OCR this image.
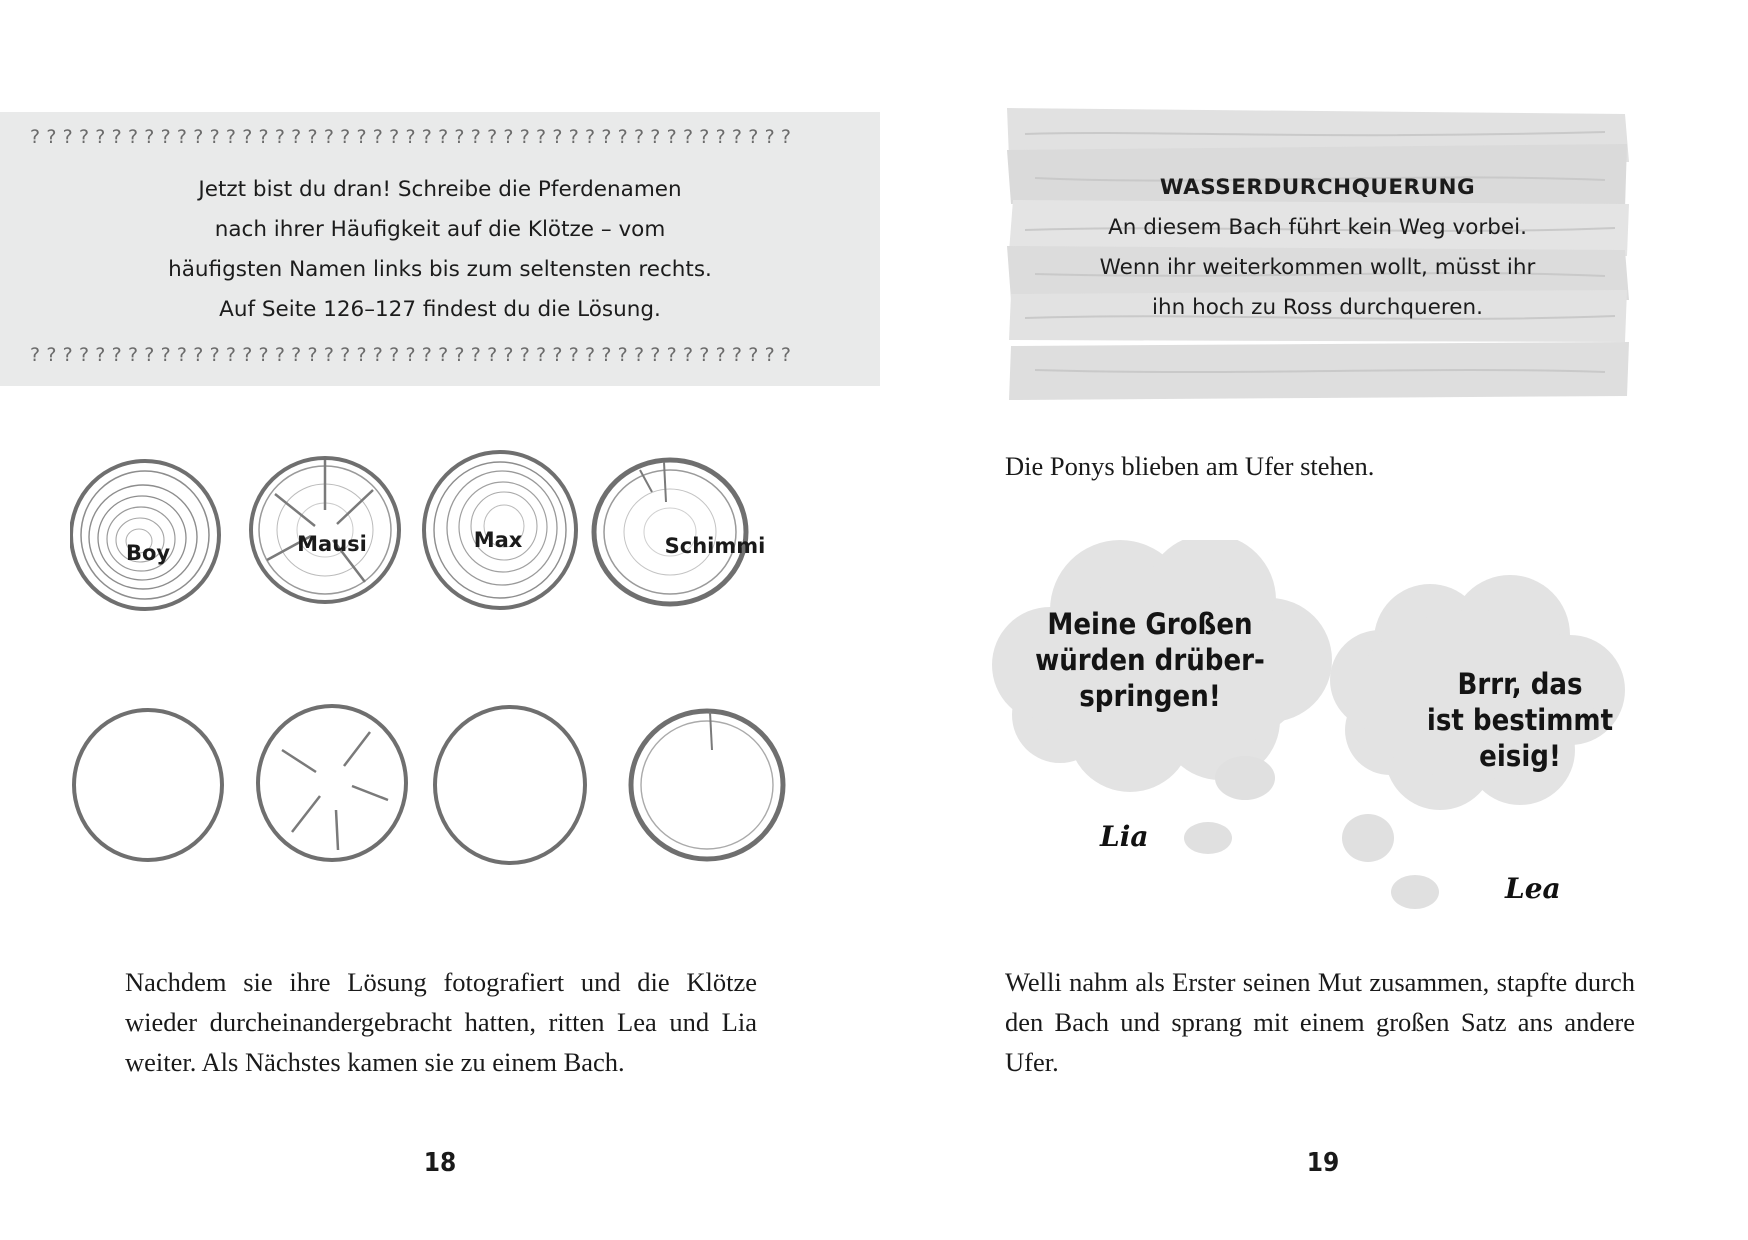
? ? ? ? ? ? ? ? ? ? ? ? ? ? ? ? ? ? ? ? ? ? ? ? ? ? ? ? ? ? ? ? ? ? ? ? ? ? ? ? ? ? ? ? ? ? ?
Jetzt bist du dran! Schreibe die Pferdenamen
nach ihrer Häufigkeit auf die Klötze – vom
häufigsten Namen links bis zum seltensten rechts.
Auf Seite 126–127 findest du die Lösung.
? ? ? ? ? ? ? ? ? ? ? ? ? ? ? ? ? ? ? ? ? ? ? ? ? ? ? ? ? ? ? ? ? ? ? ? ? ? ? ? ? ? ? ? ? ? ?
Boy	Mausi	Max	Schimmi
Nachdem sie ihre Lösung fotografiert und die Klötze wieder durcheinandergebracht hatten, ritten Lea und Lia weiter. Als Nächstes kamen sie zu einem Bach.
18
WASSERDURCHQUERUNG
An diesem Bach führt kein Weg vorbei.
Wenn ihr weiterkommen wollt, müsst ihr
ihn hoch zu Ross durchqueren.
Die Ponys blieben am Ufer stehen.
Meine Großen
würden drüber-
springen!	Brrr, das
ist bestimmt
eisig!
Lia
Lea
Welli nahm als Erster seinen Mut zusammen, stapfte durch den Bach und sprang mit einem großen Satz ans andere Ufer.
19
